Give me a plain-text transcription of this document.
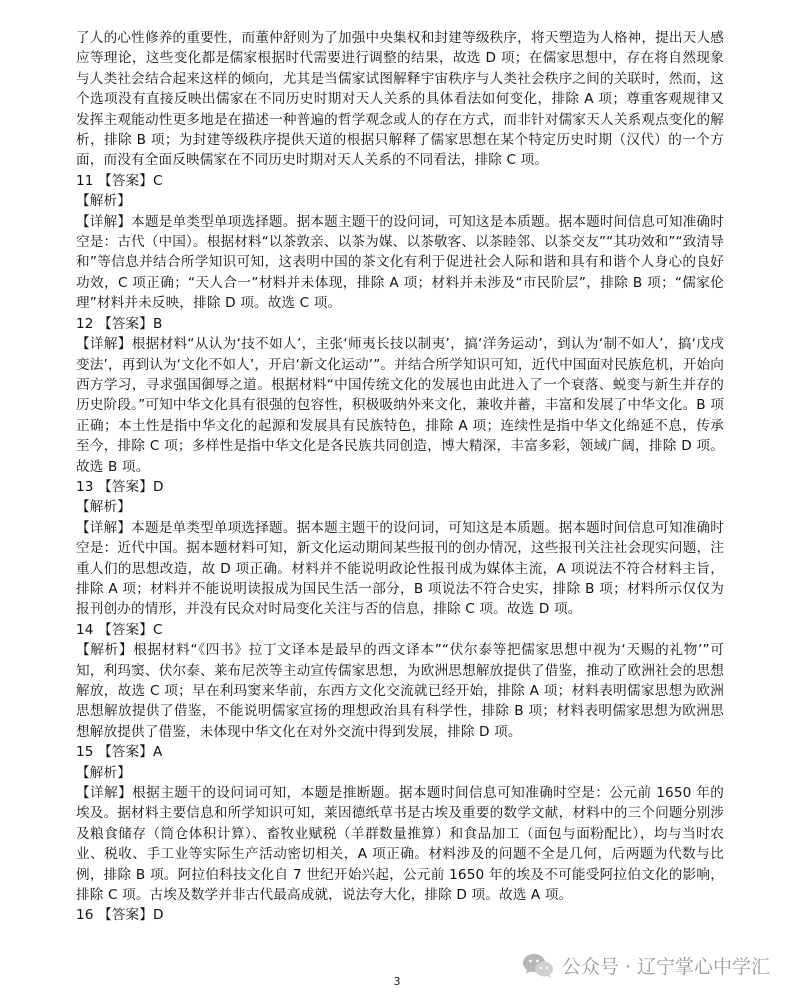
了人的心性修养的重要性，而董仲舒则为了加强中央集权和封建等级秩序，将天塑造为人格神，提出天人感应等理论，这些变化都是儒家根据时代需要进行调整的结果，故选 D 项；在儒家思想中，存在将自然现象与人类社会结合起来这样的倾向，尤其是当儒家试图解释宇宙秩序与人类社会秩序之间的关联时，然而，这个选项没有直接反映出儒家在不同历史时期对天人关系的具体看法如何变化，排除 A 项；尊重客观规律又发挥主观能动性更多地是在描述一种普遍的哲学观念或人的存在方式，而非针对儒家天人关系观点变化的解析，排除 B 项；为封建等级秩序提供天道的根据只解释了儒家思想在某个特定历史时期（汉代）的一个方面，而没有全面反映儒家在不同历史时期对天人关系的不同看法，排除 C 项。

11 【答案】C

【解析】

【详解】本题是单类型单项选择题。据本题主题干的设问词，可知这是本质题。据本题时间信息可知准确时空是：古代（中国）。根据材料“以茶敦亲、以茶为媒、以茶敬客、以茶睦邻、以茶交友”“其功效和”“致清导和”等信息并结合所学知识可知，这表明中国的茶文化有利于促进社会人际和谐和具有和谐个人身心的良好功效，C 项正确；“天人合一”材料并未体现，排除 A 项；材料并未涉及“市民阶层”，排除 B 项；“儒家伦理”材料并未反映，排除 D 项。故选 C 项。

12 【答案】B

【详解】根据材料“从认为‘技不如人’，主张‘师夷长技以制夷’，搞‘洋务运动’，到认为‘制不如人’，搞‘戊戌变法’，再到认为‘文化不如人’，开启‘新文化运动’”。并结合所学知识可知，近代中国面对民族危机，开始向西方学习，寻求强国御辱之道。根据材料“中国传统文化的发展也由此进入了一个衰落、蜕变与新生并存的历史阶段。”可知中华文化具有很强的包容性，积极吸纳外来文化，兼收并蓄，丰富和发展了中华文化。B 项正确；本土性是指中华文化的起源和发展具有民族特色，排除 A 项；连续性是指中华文化绵延不息，传承至今，排除 C 项；多样性是指中华文化是各民族共同创造，博大精深，丰富多彩，领域广阔，排除 D 项。故选 B 项。

13 【答案】D

【解析】

【详解】本题是单类型单项选择题。据本题主题干的设问词，可知这是本质题。据本题时间信息可知准确时空是：近代中国。据本题材料可知，新文化运动期间某些报刊的创办情况，这些报刊关注社会现实问题，注重人们的思想改造，故 D 项正确。材料并不能说明政论性报刊成为媒体主流，A 项说法不符合材料主旨，排除 A 项；材料并不能说明读报成为国民生活一部分，B 项说法不符合史实，排除 B 项；材料所示仅仅为报刊创办的情形，并没有民众对时局变化关注与否的信息，排除 C 项。故选 D 项。

14 【答案】C

【解析】根据材料“《四书》拉丁文译本是最早的西文译本”“伏尔泰等把儒家思想中视为‘天赐的礼物’”可知，利玛窦、伏尔泰、莱布尼茨等主动宣传儒家思想，为欧洲思想解放提供了借鉴，推动了欧洲社会的思想解放，故选 C 项；早在利玛窦来华前，东西方文化交流就已经开始，排除 A 项；材料表明儒家思想为欧洲思想解放提供了借鉴，不能说明儒家宣扬的理想政治具有科学性，排除 B 项；材料表明儒家思想为欧洲思想解放提供了借鉴，未体现中华文化在对外交流中得到发展，排除 D 项。

15 【答案】A

【解析】

【详解】根据主题干的设问词可知，本题是推断题。据本题时间信息可知准确时空是：公元前 1650 年的埃及。据材料主要信息和所学知识可知，莱因德纸草书是古埃及重要的数学文献，材料中的三个问题分别涉及粮食储存（筒仓体积计算）、畜牧业赋税（羊群数量推算）和食品加工（面包与面粉配比），均与当时农业、税收、手工业等实际生产活动密切相关，A 项正确。材料涉及的问题不全是几何，后两题为代数与比例，排除 B 项。阿拉伯科技文化自 7 世纪开始兴起，公元前 1650 年的埃及不可能受阿拉伯文化的影响，排除 C 项。古埃及数学并非古代最高成就，说法夸大化，排除 D 项。故选 A 项。

16 【答案】D

公众号 · 辽宁掌心中学汇
3
